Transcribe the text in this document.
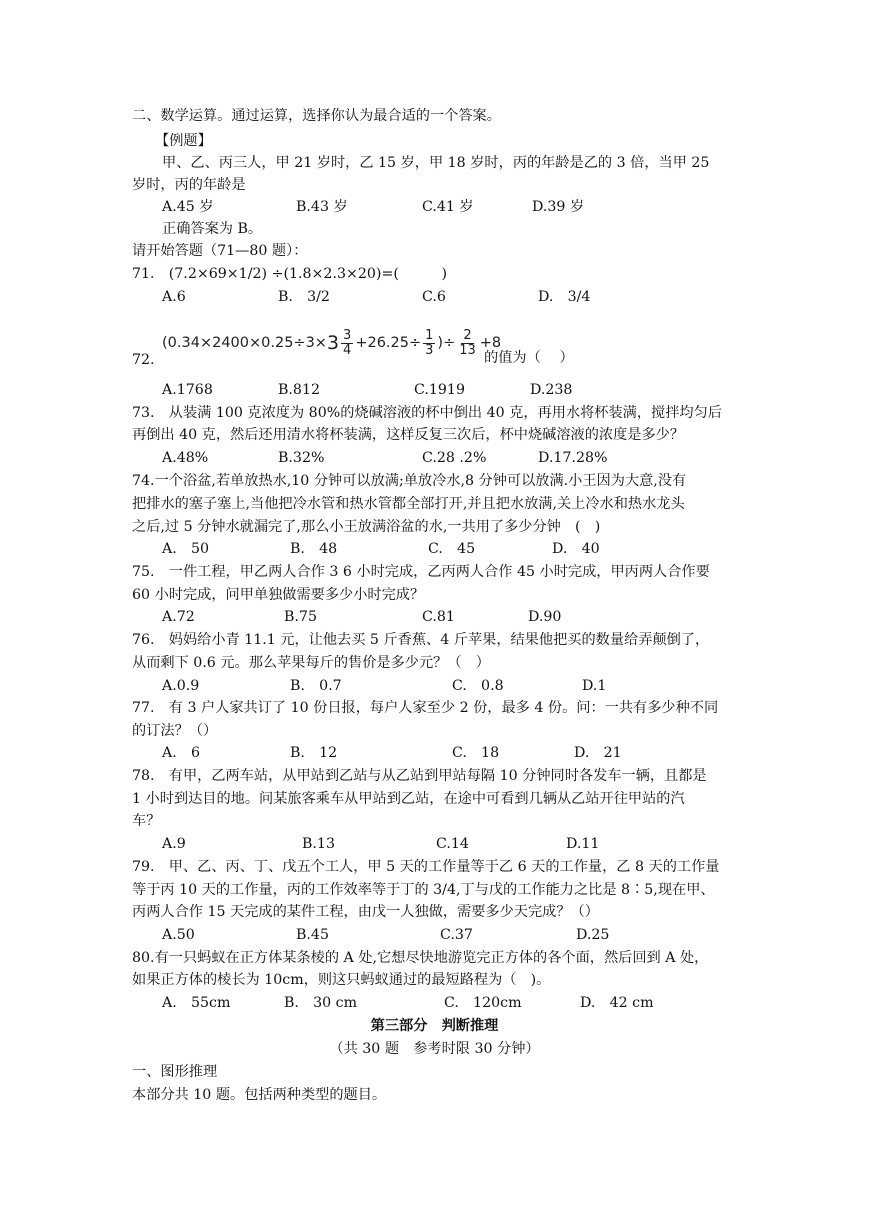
二、数学运算。通过运算，选择你认为最合适的一个答案。
【例题】
甲、乙、丙三人，甲 21 岁时，乙 15 岁，甲 18 岁时，丙的年龄是乙的 3 倍，当甲 25
岁时，丙的年龄是
A.45 岁	B.43 岁	C.41 岁	D.39 岁
正确答案为 B。
请开始答题（71—80 题）：
71.　(7.2×69×1/2) ÷(1.8×2.3×20)=(　　　)
A.6	B.　3/2	C.6	D.　3/4
($0.34\times 2400\times 0.25\div 3\times 3 \frac{3}{4} +26.25\div \frac{1}{3}$ )÷ $\frac{2}{13} +8$
72.	的值为（　 ）
A.1768	B.812	C.1919	D.238
73.　从装满 100 克浓度为 80%的烧碱溶液的杯中倒出 40 克，再用水将杯装满，搅拌均匀后
再倒出 40 克，然后还用清水将杯装满，这样反复三次后，杯中烧碱溶液的浓度是多少？
A.48%	B.32%	C.28 .2%	D.17.28%
74.一个浴盆,若单放热水,10 分钟可以放满;单放冷水,8 分钟可以放满.小王因为大意,没有
把排水的塞子塞上,当他把冷水管和热水管都全部打开,并且把水放满,关上冷水和热水龙头
之后,过 5 分钟水就漏完了,那么小王放满浴盆的水,一共用了多少分钟　(　)
A.　50	B.　48	C.　45	D.　40
75.　一件工程，甲乙两人合作 3 6 小时完成，乙丙两人合作 45 小时完成，甲丙两人合作要
60 小时完成，问甲单独做需要多少小时完成？
A.72	B.75	C.81	D.90
76.　妈妈给小青 11.1 元，让他去买 5 斤香蕉、4 斤苹果，结果他把买的数量给弄颠倒了，
从而剩下 0.6 元。那么苹果每斤的售价是多少元？（　）
A.0.9	B.　0.7	C.　0.8	D.1
77.　有 3 户人家共订了 10 份日报，每户人家至少 2 份，最多 4 份。问：一共有多少种不同
的订法？（）
A.　6	B.　12	C.　18	D.　21
78.　有甲，乙两车站，从甲站到乙站与从乙站到甲站每隔 10 分钟同时各发车一辆，且都是
1 小时到达目的地。问某旅客乘车从甲站到乙站，在途中可看到几辆从乙站开往甲站的汽
车？
A.9	B.13	C.14	D.11
79.　甲、乙、丙、丁、戊五个工人，甲 5 天的工作量等于乙 6 天的工作量，乙 8 天的工作量
等于丙 10 天的工作量，丙的工作效率等于丁的 3/4,丁与戊的工作能力之比是 8∶5,现在甲、
丙两人合作 15 天完成的某件工程，由戊一人独做，需要多少天完成？（）
A.50	B.45	C.37	D.25
80.有一只蚂蚁在正方体某条棱的 A 处,它想尽快地游览完正方体的各个面，然后回到 A 处，
如果正方体的棱长为 10cm，则这只蚂蚁通过的最短路程为（　)。
A.　55cm	B.　30 cm	C.　120cm	D.　42 cm
第三部分　判断推理
（共 30 题　参考时限 30 分钟）
一、图形推理
本部分共 10 题。包括两种类型的题目。
